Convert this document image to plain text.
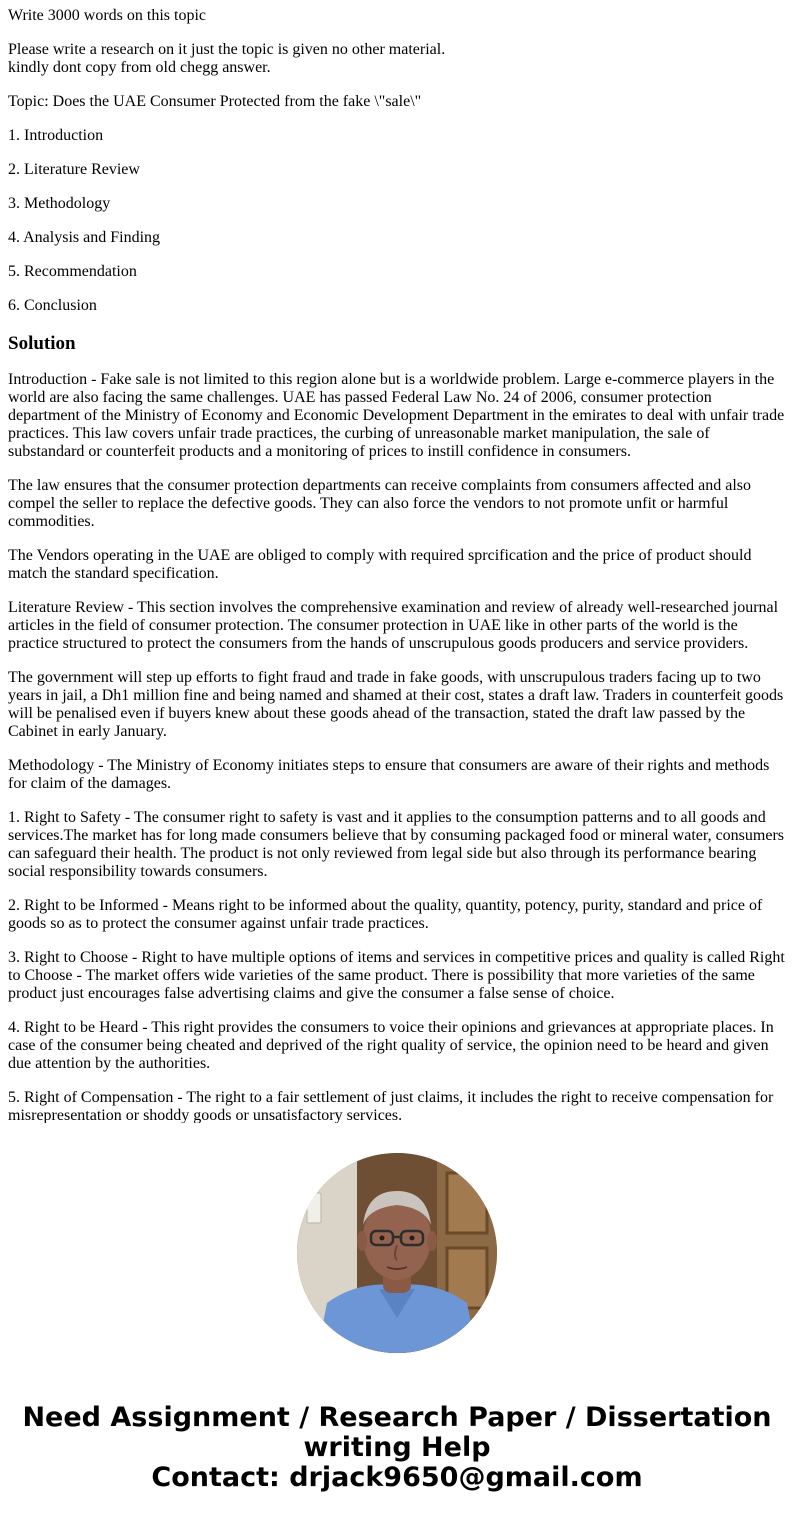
Write 3000 words on this topic

Please write a research on it just the topic is given no other material.
kindly dont copy from old chegg answer.

Topic: Does the UAE Consumer Protected from the fake \"sale\"

1. Introduction

2. Literature Review

3. Methodology

4. Analysis and Finding

5. Recommendation

6. Conclusion

Solution

Introduction - Fake sale is not limited to this region alone but is a worldwide problem. Large e-commerce players in the world are also facing the same challenges. UAE has passed Federal Law No. 24 of 2006, consumer protection department of the Ministry of Economy and Economic Development Department in the emirates to deal with unfair trade practices. This law covers unfair trade practices, the curbing of unreasonable market manipulation, the sale of substandard or counterfeit products and a monitoring of prices to instill confidence in consumers.

The law ensures that the consumer protection departments can receive complaints from consumers affected and also compel the seller to replace the defective goods. They can also force the vendors to not promote unfit or harmful commodities.

The Vendors operating in the UAE are obliged to comply with required sprcification and the price of product should match the standard specification.

Literature Review - This section involves the comprehensive examination and review of already well-researched journal articles in the field of consumer protection. The consumer protection in UAE like in other parts of the world is the practice structured to protect the consumers from the hands of unscrupulous goods producers and service providers.

The government will step up efforts to fight fraud and trade in fake goods, with unscrupulous traders facing up to two years in jail, a Dh1 million fine and being named and shamed at their cost, states a draft law. Traders in counterfeit goods will be penalised even if buyers knew about these goods ahead of the transaction, stated the draft law passed by the Cabinet in early January.

Methodology - The Ministry of Economy initiates steps to ensure that consumers are aware of their rights and methods for claim of the damages.

1. Right to Safety - The consumer right to safety is vast and it applies to the consumption patterns and to all goods and services.The market has for long made consumers believe that by consuming packaged food or mineral water, consumers can safeguard their health. The product is not only reviewed from legal side but also through its performance bearing social responsibility towards consumers.

2. Right to be Informed - Means right to be informed about the quality, quantity, potency, purity, standard and price of goods so as to protect the consumer against unfair trade practices.

3. Right to Choose - Right to have multiple options of items and services in competitive prices and quality is called Right to Choose - The market offers wide varieties of the same product. There is possibility that more varieties of the same product just encourages false advertising claims and give the consumer a false sense of choice.

4. Right to be Heard - This right provides the consumers to voice their opinions and grievances at appropriate places. In case of the consumer being cheated and deprived of the right quality of service, the opinion need to be heard and given due attention by the authorities.

5. Right of Compensation - The right to a fair settlement of just claims, it includes the right to receive compensation for misrepresentation or shoddy goods or unsatisfactory services.

Need Assignment / Research Paper / Dissertation
writing Help
Contact: drjack9650@gmail.com
